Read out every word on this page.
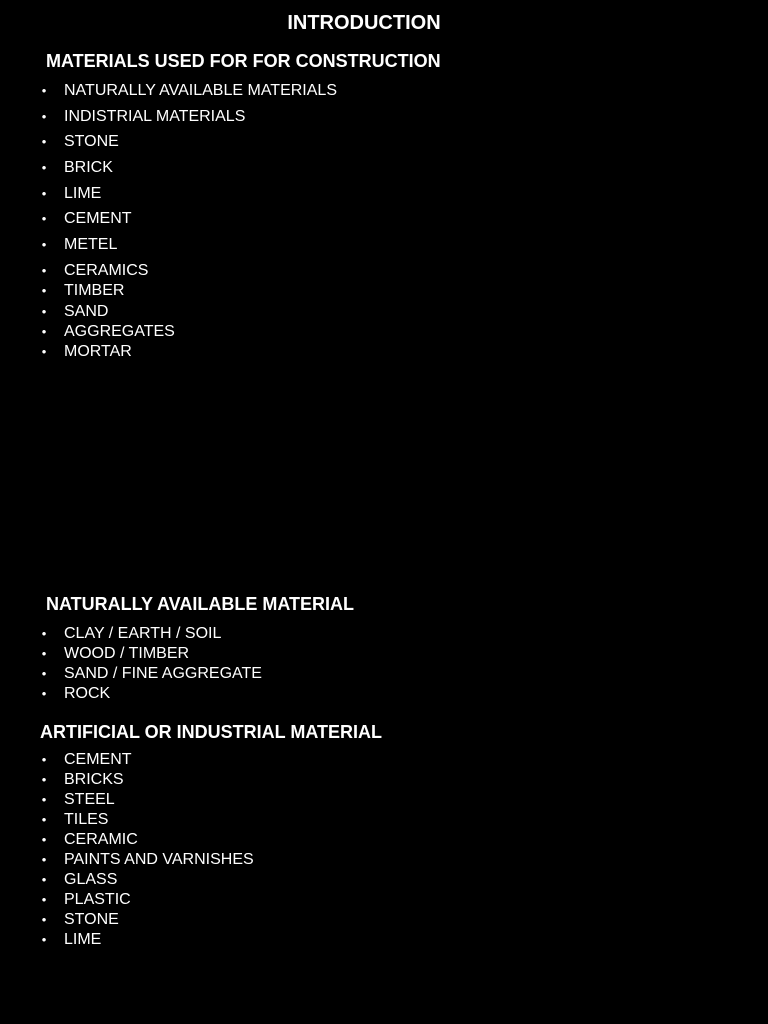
INTRODUCTION
MATERIALS USED FOR FOR CONSTRUCTION
• NATURALLY AVAILABLE MATERIALS
• INDISTRIAL MATERIALS
• STONE
• BRICK
• LIME
• CEMENT
• METEL
• CERAMICS
• TIMBER
• SAND
• AGGREGATES
• MORTAR
NATURALLY AVAILABLE MATERIAL
• CLAY / EARTH / SOIL
• WOOD / TIMBER
• SAND / FINE AGGREGATE
• ROCK
ARTIFICIAL OR INDUSTRIAL MATERIAL
• CEMENT
• BRICKS
• STEEL
• TILES
• CERAMIC
• PAINTS AND VARNISHES
• GLASS
• PLASTIC
• STONE
• LIME
